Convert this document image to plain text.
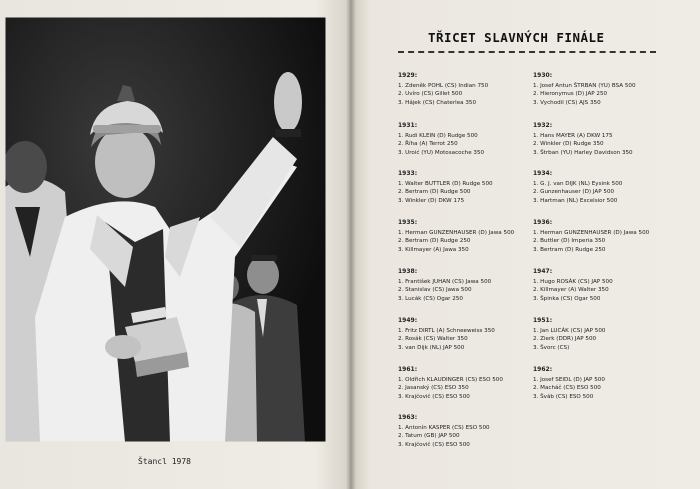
Štancl 1978
TŘICET SLAVNÝCH FINÁLE
1929:
1. Zdeněk POHL (CS) Indian 750
2. Uvíro (CS) Gillet 500
3. Hájek (CS) Chaterlea 350
1930:
1. Josef Antun ŠTRBAN (YU) BSA 500
2. Hieronymus (D) JAP 250
3. Vychodil (CS) AJS 350
1931:
1. Rudi KLEIN (D) Rudge 500
2. Říha (A) Terrot 250
3. Uroić (YU) Motosacoche 350
1932:
1. Hans MAYER (A) DKW 175
2. Winkler (D) Rudge 350
3. Štrban (YU) Harley Davidson 350
1933:
1. Walter BUTTLER (D) Rudge 500
2. Bertram (D) Rudge 500
3. Winkler (D) DKW 175
1934:
1. G. J. van DIJK (NL) Eysink 500
2. Gunzenhauser (D) JAP 500
3. Hartman (NL) Excelsior 500
1935:
1. Herman GUNZENHAUSER (D) Jawa 500
2. Bertram (D) Rudge 250
3. Killmayer (A) Jawa 350
1936:
1. Herman GUNZENHAUSER (D) Jawa 500
2. Buttler (D) Imperia 350
3. Bertram (D) Rudge 250
1938:
1. František JUHAN (CS) Jawa 500
2. Stanislav (CS) Jawa 500
3. Lucák (CS) Ogar 250
1947:
1. Hugo ROSÁK (CS) JAP 500
2. Killmayer (A) Walter 350
3. Špinka (CS) Ogar 500
1949:
1. Fritz DIRTL (A) Schneeweiss 350
2. Rosák (CS) Walter 350
3. van Dijk (NL) JAP 500
1951:
1. Jan LUCÁK (CS) JAP 500
2. Zierk (DDR) JAP 500
3. Švorc (CS)
1961:
1. Oldřich KLAUDINGER (CS) ESO 500
2. Jasanský (CS) ESO 350
3. Krajčovič (CS) ESO 500
1962:
1. Josef SEIDL (D) JAP 500
2. Macháč (CS) ESO 500
3. Šváb (CS) ESO 500
1963:
1. Antonín KASPER (CS) ESO 500
2. Tatum (GB) JAP 500
3. Krajčovič (CS) ESO 500
